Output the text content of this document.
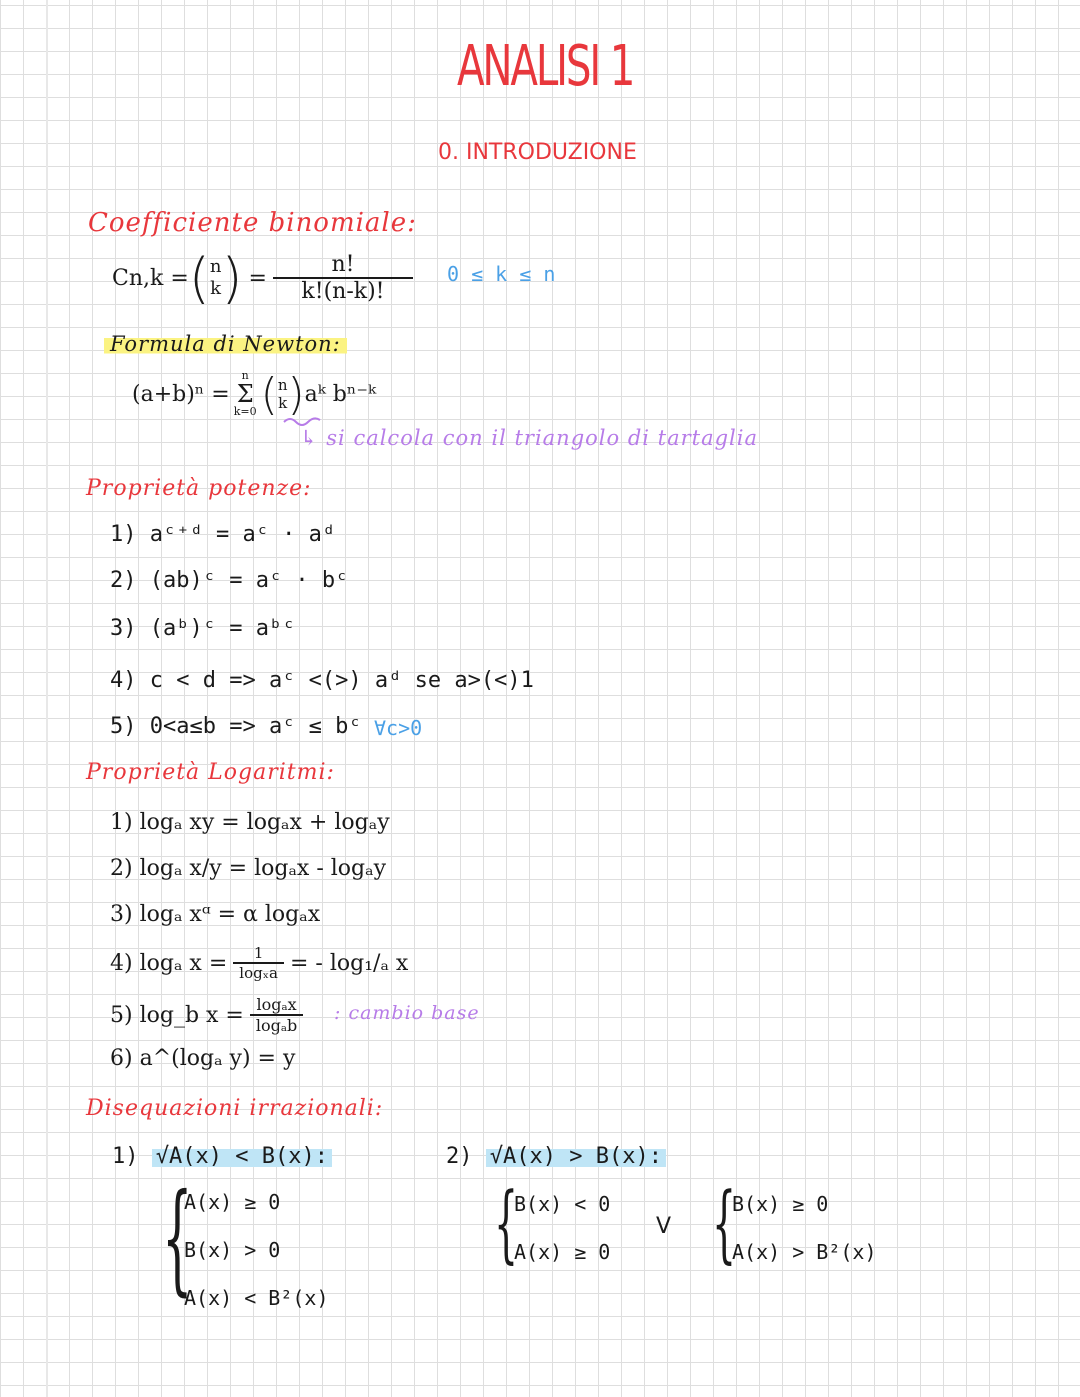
ANALISI 1
0. INTRODUZIONE
Coefficiente binomiale:
Cn,k = (n
$k) = \frac{n!}{k!(n-k)!} 0 \le k \le n$
Formula di Newton:
(a+b)ⁿ =
n
Σ
k=0 (n
k) aᵏ bⁿ⁻ᵏ
↳ si calcola con il triangolo di tartaglia
Proprietà potenze:
1) aᶜ⁺ᵈ = aᶜ · aᵈ
2) (ab)ᶜ = aᶜ · bᶜ
3) (aᵇ)ᶜ = aᵇᶜ
4) c < d => aᶜ <(>) aᵈ se a>(<)1
5) 0<a≤b => aᶜ ≤ bᶜ ∀c>0
Proprietà Logaritmi:
1) logₐ xy = logₐx + logₐy
2) logₐ x/y = logₐx - logₐy
3) logₐ xᵅ = α logₐx
4) logₐ $x = \frac{1}{\text{logₓa}}$ = - log₁/ₐ x
5) log_b $x = \frac{\text{logₐx}}{\text{logₐb}}$ : cambio base
6) a^(logₐ y) = y
Disequazioni irrazionali:
1) √A(x) < B(x):
{
A(x) ≥ 0
B(x) > 0
A(x) < B²(x)
2) √A(x) > B(x):
{
B(x) < 0
A(x) ≥ 0
V {
B(x) ≥ 0
A(x) > B²(x)
